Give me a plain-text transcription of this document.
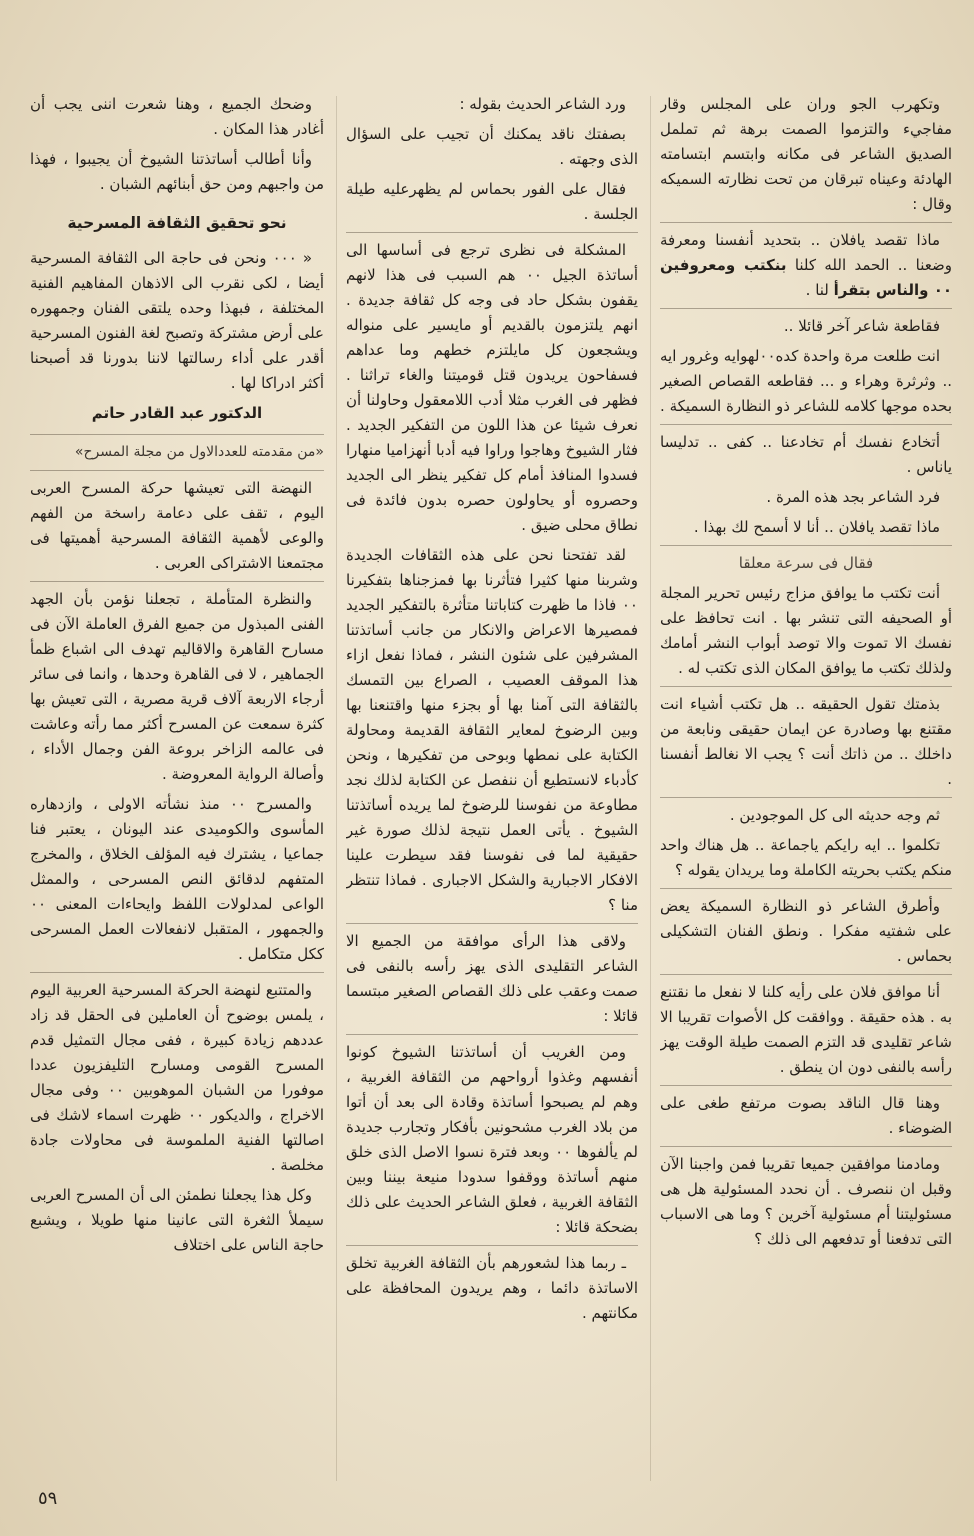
وتكهرب الجو وران على المجلس وقار مفاجيء والتزموا الصمت برهة ثم تململ الصديق الشاعر فى مكانه وابتسم ابتسامته الهادئة وعيناه تبرقان من تحت نظارته السميكه وقال :

ماذا تقصد يافلان .. بتحديد أنفسنا ومعرفة وضعنا .. الحمد الله كلنا بنكتب ومعروفين ٠٠ والناس بتقرأ لنا .

فقاطعة شاعر آخر قائلا ..

انت طلعت مرة واحدة كده٠٠لهوايه وغرور ايه .. وثرثرة وهراء و ... فقاطعه القصاص الصغير بحده موجها كلامه للشاعر ذو النظارة السميكة .

أتخادع نفسك أم تخادعنا .. كفى .. تدليسا ياناس .

فرد الشاعر بجد هذه المرة .

ماذا تقصد يافلان .. أنا لا أسمح لك بهذا .

فقال فى سرعة معلقا

أنت تكتب ما يوافق مزاج رئيس تحرير المجلة أو الصحيفه التى تنشر بها . انت تحافظ على نفسك الا تموت والا توصد أبواب النشر أمامك ولذلك تكتب ما يوافق المكان الذى تكتب له .

بذمتك تقول الحقيقه .. هل تكتب أشياء انت مقتنع بها وصادرة عن ايمان حقيقى ونابعة من داخلك .. من ذاتك أنت ؟ يجب الا نغالط أنفسنا .

ثم وجه حديثه الى كل الموجودين .

تكلموا .. ايه رايكم ياجماعة .. هل هناك واحد منكم يكتب بحريته الكاملة وما يريدان يقوله ؟

وأطرق الشاعر ذو النظارة السميكة يعض على شفتيه مفكرا . ونطق الفنان التشكيلى بحماس .

أنا موافق فلان على رأيه كلنا لا نفعل ما نقتنع به . هذه حقيقة . ووافقت كل الأصوات تقريبا الا شاعر تقليدى قد التزم الصمت طيلة الوقت يهز رأسه بالنفى دون ان ينطق .

وهنا قال الناقد بصوت مرتفع طغى على الضوضاء .

ومادمنا موافقين جميعا تقريبا فمن واجبنا الآن وقبل ان ننصرف . أن نحدد المسئولية هل هى مسئوليتنا أم مسئولية آخرين ؟ وما هى الاسباب التى تدفعنا أو تدفعهم الى ذلك ؟

ورد الشاعر الحديث بقوله :

بصفتك ناقد يمكنك أن تجيب على السؤال الذى وجهته .

فقال على الفور بحماس لم يظهرعليه طيلة الجلسة .

المشكلة فى نظرى ترجع فى أساسها الى أساتذة الجيل ٠٠ هم السبب فى هذا لانهم يقفون بشكل حاد فى وجه كل ثقافة جديدة . انهم يلتزمون بالقديم أو مايسير على منواله ويشجعون كل مايلتزم خطهم وما عداهم فسفاحون يريدون قتل قوميتنا والغاء تراثنا . فظهر فى الغرب مثلا أدب اللامعقول وحاولنا أن نعرف شيئا عن هذا اللون من التفكير الجديد . فثار الشيوخ وهاجوا وراوا فيه أدبا أنهزاميا منهارا فسدوا المنافذ أمام كل تفكير ينظر الى الجديد وحصروه أو يحاولون حصره بدون فائدة فى نطاق محلى ضيق .

لقد تفتحنا نحن على هذه الثقافات الجديدة وشربنا منها كثيرا فتأثرنا بها فمزجناها بتفكيرنا ٠٠ فاذا ما ظهرت كتاباتنا متأثرة بالتفكير الجديد فمصيرها الاعراض والانكار من جانب أساتذتنا المشرفين على شئون النشر ، فماذا نفعل ازاء هذا الموقف العصيب ، الصراع بين التمسك بالثقافة التى آمنا بها أو بجزء منها واقتنعنا بها وبين الرضوخ لمعاير الثقافة القديمة ومحاولة الكتابة على نمطها وبوحى من تفكيرها ، ونحن كأدباء لانستطيع أن ننفصل عن الكتابة لذلك نجد مطاوعة من نفوسنا للرضوخ لما يريده أساتذتنا الشيوخ . يأتى العمل نتيجة لذلك صورة غير حقيقية لما فى نفوسنا فقد سيطرت علينا الافكار الاجبارية والشكل الاجبارى . فماذا تنتظر منا ؟

ولاقى هذا الرأى موافقة من الجميع الا الشاعر التقليدى الذى يهز رأسه بالنفى فى صمت وعقب على ذلك القصاص الصغير مبتسما قائلا :

ومن الغريب أن أساتذتنا الشيوخ كونوا أنفسهم وغذوا أرواحهم من الثقافة الغربية ، وهم لم يصبحوا أساتذة وقادة الى بعد أن أتوا من بلاد الغرب مشحونين بأفكار وتجارب جديدة لم يألفوها ٠٠ وبعد فترة نسوا الاصل الذى خلق منهم أساتذة ووقفوا سدودا منيعة بيننا وبين الثقافة الغربية ، فعلق الشاعر الحديث على ذلك بضحكة قائلا :

ـ ربما هذا لشعورهم بأن الثقافة الغربية تخلق الاساتذة دائما ، وهم يريدون المحافظة على مكانتهم .

وضحك الجميع ، وهنا شعرت اننى يجب أن أغادر هذا المكان .

وأنا أطالب أساتذتنا الشيوخ أن يجيبوا ، فهذا من واجبهم ومن حق أبنائهم الشبان .

نحو تحقيق الثقافة المسرحية

« ٠٠٠ ونحن فى حاجة الى الثقافة المسرحية أيضا ، لكى نقرب الى الاذهان المفاهيم الفنية المختلفة ، فبهذا وحده يلتقى الفنان وجمهوره على أرض مشتركة وتصبح لغة الفنون المسرحية أقدر على أداء رسالتها لاننا بدورنا قد أصبحنا أكثر ادراكا لها .

الدكتور عبد القادر حاتم

«من مقدمته للعددالاول من مجلة المسرح»

النهضة التى تعيشها حركة المسرح العربى اليوم ، تقف على دعامة راسخة من الفهم والوعى لأهمية الثقافة المسرحية أهميتها فى مجتمعنا الاشتراكى العربى .

والنظرة المتأملة ، تجعلنا نؤمن بأن الجهد الفنى المبذول من جميع الفرق العاملة الآن فى مسارح القاهرة والاقاليم تهدف الى اشباع ظمأ الجماهير ، لا فى القاهرة وحدها ، وانما فى سائر أرجاء الاربعة آلاف قرية مصرية ، التى تعيش بها كثرة سمعت عن المسرح أكثر مما رأته وعاشت فى عالمه الزاخر بروعة الفن وجمال الأداء ، وأصالة الرواية المعروضة .

والمسرح ٠٠ منذ نشأته الاولى ، وازدهاره المأسوى والكوميدى عند اليونان ، يعتبر فنا جماعيا ، يشترك فيه المؤلف الخلاق ، والمخرج المتفهم لدقائق النص المسرحى ، والممثل الواعى لمدلولات اللفظ وايحاءات المعنى ٠٠ والجمهور ، المتقبل لانفعالات العمل المسرحى ككل متكامل .

والمتتبع لنهضة الحركة المسرحية العربية اليوم ، يلمس بوضوح أن العاملين فى الحقل قد زاد عددهم زيادة كبيرة ، ففى مجال التمثيل قدم المسرح القومى ومسارح التليفزيون عددا موفورا من الشبان الموهوبين ٠٠ وفى مجال الاخراج ، والديكور ٠٠ ظهرت اسماء لاشك فى اصالتها الفنية الملموسة فى محاولات جادة مخلصة .

وكل هذا يجعلنا نطمئن الى أن المسرح العربى سيملأ الثغرة التى عانينا منها طويلا ، ويشبع حاجة الناس على اختلاف

٥٩
